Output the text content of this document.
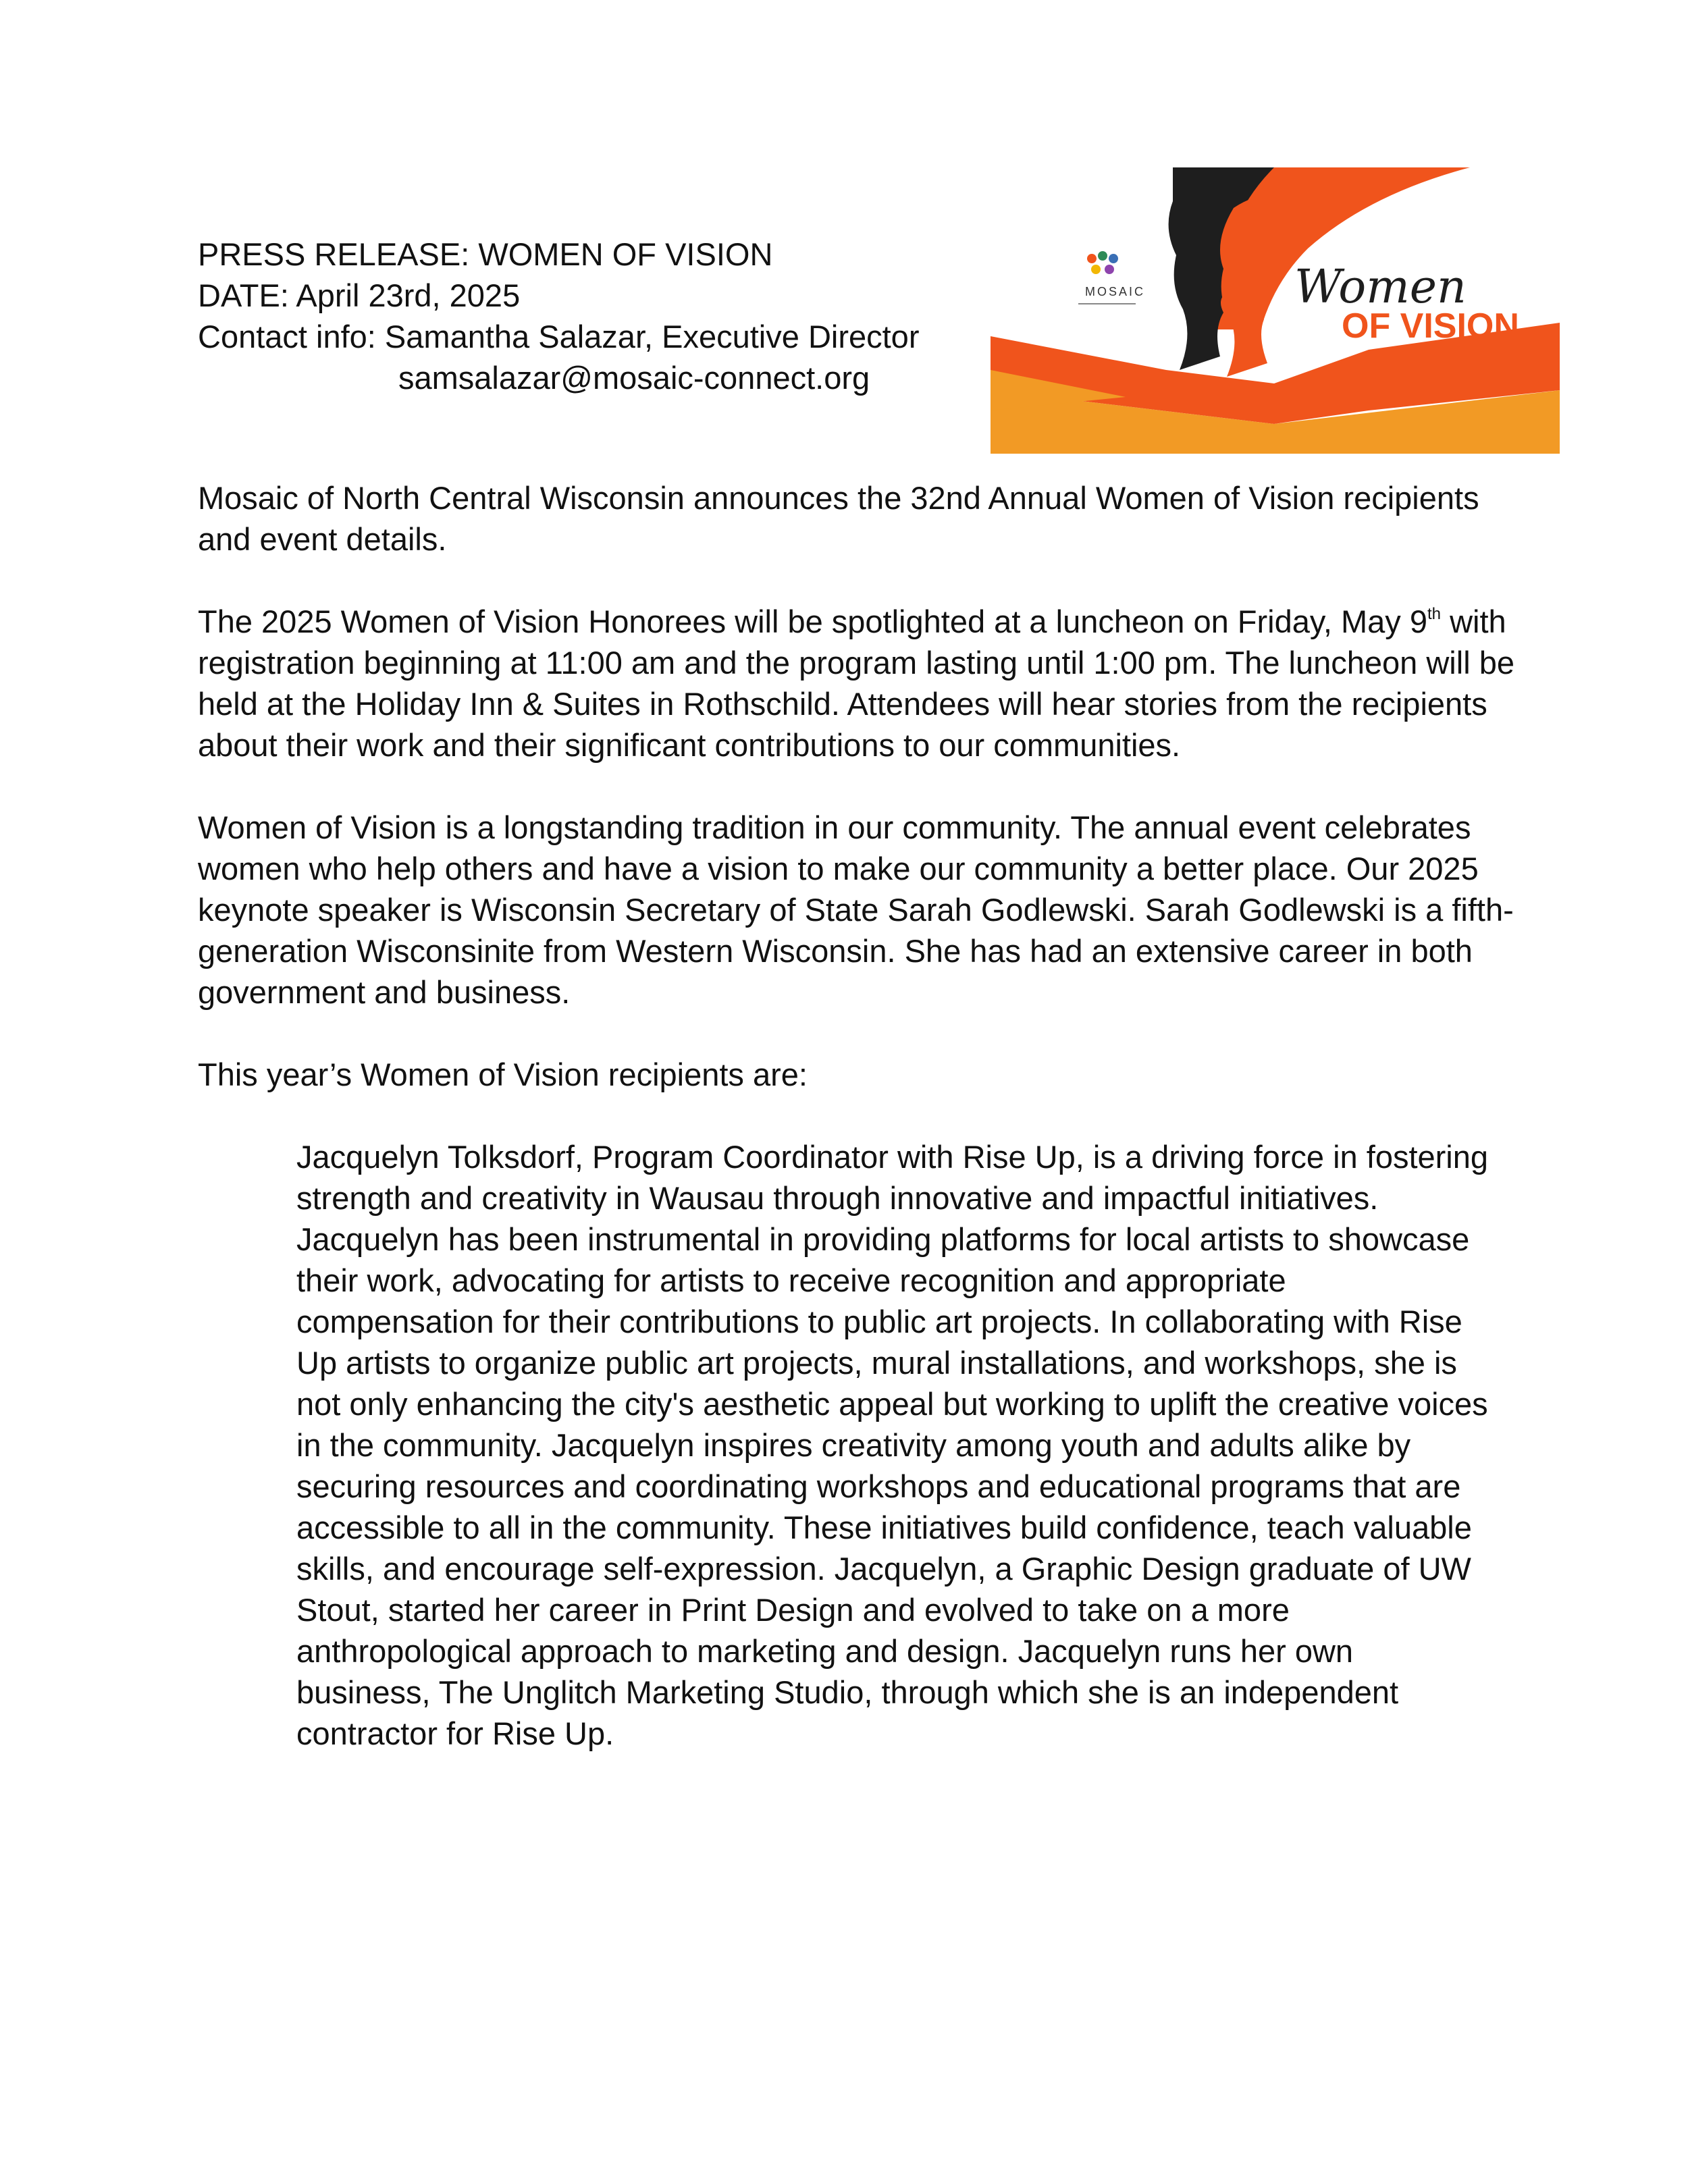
PRESS RELEASE: WOMEN OF VISION
DATE: April 23rd, 2025
Contact info: Samantha Salazar, Executive Director
samsalazar@mosaic-connect.org
MOSAIC	Women
OF VISION

Mosaic of North Central Wisconsin announces the 32nd Annual Women of Vision recipients and event details.

The 2025 Women of Vision Honorees will be spotlighted at a luncheon on Friday, May 9th with registration beginning at 11:00 am and the program lasting until 1:00 pm. The luncheon will be held at the Holiday Inn & Suites in Rothschild. Attendees will hear stories from the recipients about their work and their significant contributions to our communities.

Women of Vision is a longstanding tradition in our community. The annual event celebrates women who help others and have a vision to make our community a better place. Our 2025 keynote speaker is Wisconsin Secretary of State Sarah Godlewski. Sarah Godlewski is a fifth-generation Wisconsinite from Western Wisconsin. She has had an extensive career in both government and business.

This year’s Women of Vision recipients are:

Jacquelyn Tolksdorf, Program Coordinator with Rise Up, is a driving force in fostering strength and creativity in Wausau through innovative and impactful initiatives. Jacquelyn has been instrumental in providing platforms for local artists to showcase their work, advocating for artists to receive recognition and appropriate compensation for their contributions to public art projects. In collaborating with Rise Up artists to organize public art projects, mural installations, and workshops, she is not only enhancing the city's aesthetic appeal but working to uplift the creative voices in the community. Jacquelyn inspires creativity among youth and adults alike by securing resources and coordinating workshops and educational programs that are accessible to all in the community. These initiatives build confidence, teach valuable skills, and encourage self-expression. Jacquelyn, a Graphic Design graduate of UW Stout, started her career in Print Design and evolved to take on a more anthropological approach to marketing and design. Jacquelyn runs her own business, The Unglitch Marketing Studio, through which she is an independent contractor for Rise Up.
